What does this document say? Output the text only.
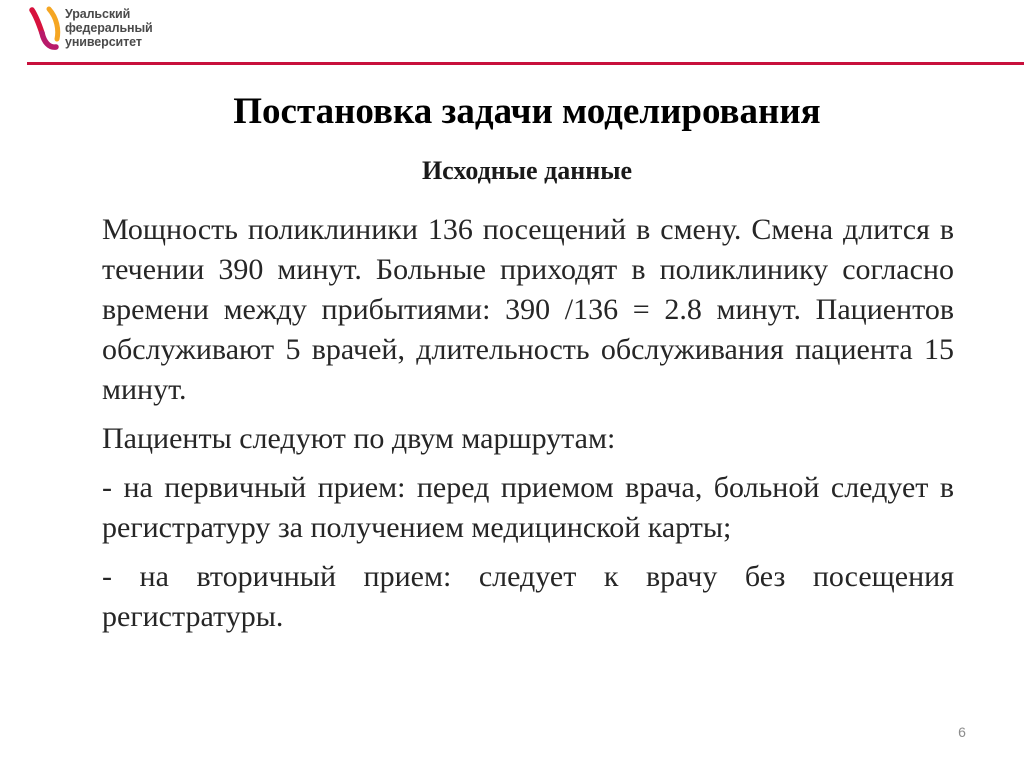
Уральский
федеральный
университет
Постановка задачи моделирования
Исходные данные

Мощность поликлиники 136 посещений в смену. Смена длится в течении 390 минут. Больные приходят в поликлинику согласно времени между прибытиями: 390 /136 = 2.8 минут. Пациентов обслуживают 5 врачей, длительность обслуживания пациента 15 минут.

Пациенты следуют по двум маршрутам:

- на первичный прием: перед приемом врача, больной следует в регистратуру за получением медицинской карты;

- на вторичный прием: следует к врачу без посещения регистратуры.

6
